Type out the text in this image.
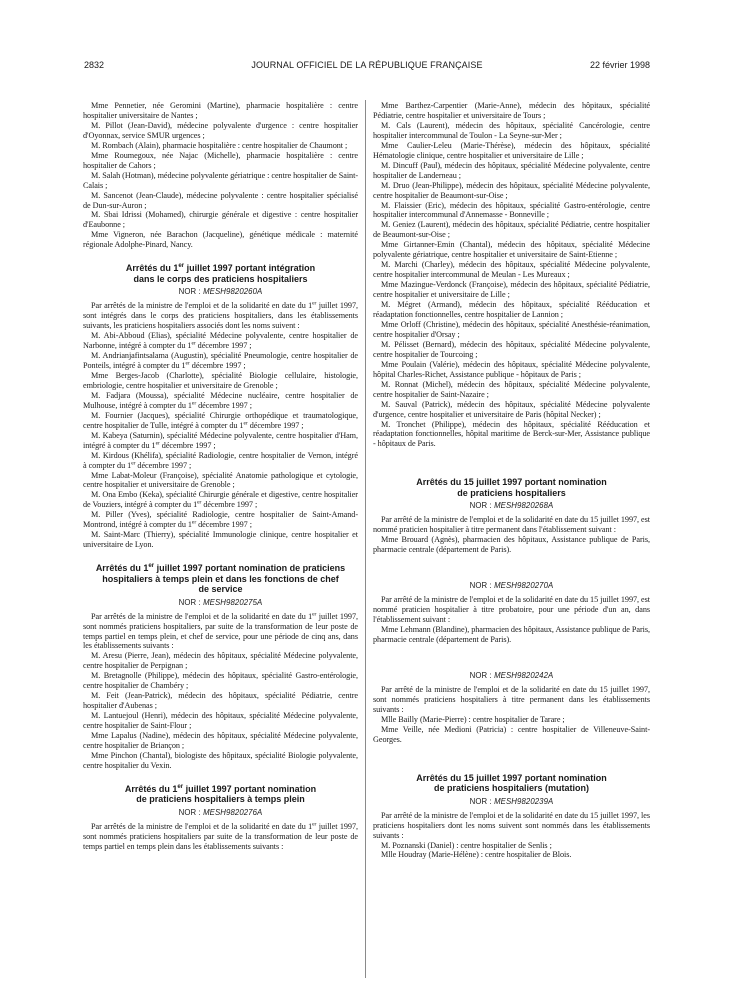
2832	JOURNAL OFFICIEL DE LA RÉPUBLIQUE FRANÇAISE	22 février 1998

Mme Pennetier, née Geromini (Martine), pharmacie hospitalière : centre hospitalier universitaire de Nantes ;

M. Pillot (Jean-David), médecine polyvalente d'urgence : centre hospitalier d'Oyonnax, service SMUR urgences ;

M. Rombach (Alain), pharmacie hospitalière : centre hospitalier de Chaumont ;

Mme Roumegoux, née Najac (Michelle), pharmacie hospitalière : centre hospitalier de Cahors ;

M. Salah (Hotman), médecine polyvalente gériatrique : centre hospitalier de Saint-Calais ;

M. Sancenot (Jean-Claude), médecine polyvalente : centre hospitalier spécialisé de Dun-sur-Auron ;

M. Sbai Idrissi (Mohamed), chirurgie générale et digestive : centre hospitalier d'Eaubonne ;

Mme Vigneron, née Barachon (Jacqueline), génétique médicale : maternité régionale Adolphe-Pinard, Nancy.

Arrêtés du 1er juillet 1997 portant intégration
dans le corps des praticiens hospitaliers
NOR : MESH9820260A

Par arrêtés de la ministre de l'emploi et de la solidarité en date du 1er juillet 1997, sont intégrés dans le corps des praticiens hospitaliers, dans les établissements suivants, les praticiens hospitaliers associés dont les noms suivent :

M. Abi-Abboud (Elias), spécialité Médecine polyvalente, centre hospitalier de Narbonne, intégré à compter du 1er décembre 1997 ;

M. Andrianjafintsalama (Augustin), spécialité Pneumologie, centre hospitalier de Ponteils, intégré à compter du 1er décembre 1997 ;

Mme Berges-Jacob (Charlotte), spécialité Biologie cellulaire, histologie, embriologie, centre hospitalier et universitaire de Grenoble ;

M. Fadjara (Moussa), spécialité Médecine nucléaire, centre hospitalier de Mulhouse, intégré à compter du 1er décembre 1997 ;

M. Fournier (Jacques), spécialité Chirurgie orthopédique et traumatologique, centre hospitalier de Tulle, intégré à compter du 1er décembre 1997 ;

M. Kabeya (Saturnin), spécialité Médecine polyvalente, centre hospitalier d'Ham, intégré à compter du 1er décembre 1997 ;

M. Kirdous (Khélifa), spécialité Radiologie, centre hospitalier de Vernon, intégré à compter du 1er décembre 1997 ;

Mme Labat-Moleur (Françoise), spécialité Anatomie pathologique et cytologie, centre hospitalier et universitaire de Grenoble ;

M. Ona Embo (Keka), spécialité Chirurgie générale et digestive, centre hospitalier de Vouziers, intégré à compter du 1er décembre 1997 ;

M. Piller (Yves), spécialité Radiologie, centre hospitalier de Saint-Amand-Montrond, intégré à compter du 1er décembre 1997 ;

M. Saint-Marc (Thierry), spécialité Immunologie clinique, centre hospitalier et universitaire de Lyon.

Arrêtés du 1er juillet 1997 portant nomination de praticiens
hospitaliers à temps plein et dans les fonctions de chef
de service
NOR : MESH9820275A

Par arrêtés de la ministre de l'emploi et de la solidarité en date du 1er juillet 1997, sont nommés praticiens hospitaliers, par suite de la transformation de leur poste de temps partiel en temps plein, et chef de service, pour une période de cinq ans, dans les établissements suivants :

M. Aresu (Pierre, Jean), médecin des hôpitaux, spécialité Médecine polyvalente, centre hospitalier de Perpignan ;

M. Bretagnolle (Philippe), médecin des hôpitaux, spécialité Gastro-entérologie, centre hospitalier de Chambéry ;

M. Feit (Jean-Patrick), médecin des hôpitaux, spécialité Pédiatrie, centre hospitalier d'Aubenas ;

M. Lantuejoul (Henri), médecin des hôpitaux, spécialité Médecine polyvalente, centre hospitalier de Saint-Flour ;

Mme Lapalus (Nadine), médecin des hôpitaux, spécialité Médecine polyvalente, centre hospitalier de Briançon ;

Mme Pinchon (Chantal), biologiste des hôpitaux, spécialité Biologie polyvalente, centre hospitalier du Vexin.

Arrêtés du 1er juillet 1997 portant nomination
de praticiens hospitaliers à temps plein
NOR : MESH9820276A

Par arrêtés de la ministre de l'emploi et de la solidarité en date du 1er juillet 1997, sont nommés praticiens hospitaliers par suite de la transformation de leur poste de temps partiel en temps plein dans les établissements suivants :

Mme Barthez-Carpentier (Marie-Anne), médecin des hôpitaux, spécialité Pédiatrie, centre hospitalier et universitaire de Tours ;

M. Cals (Laurent), médecin des hôpitaux, spécialité Cancérologie, centre hospitalier intercommunal de Toulon - La Seyne-sur-Mer ;

Mme Caulier-Leleu (Marie-Thérèse), médecin des hôpitaux, spécialité Hématologie clinique, centre hospitalier et universitaire de Lille ;

M. Dincuff (Paul), médecin des hôpitaux, spécialité Médecine polyvalente, centre hospitalier de Landerneau ;

M. Druo (Jean-Philippe), médecin des hôpitaux, spécialité Médecine polyvalente, centre hospitalier de Beaumont-sur-Oise ;

M. Flaissier (Eric), médecin des hôpitaux, spécialité Gastro-entérologie, centre hospitalier intercommunal d'Annemasse - Bonneville ;

M. Geniez (Laurent), médecin des hôpitaux, spécialité Pédiatrie, centre hospitalier de Beaumont-sur-Oise ;

Mme Girtanner-Emin (Chantal), médecin des hôpitaux, spécialité Médecine polyvalente gériatrique, centre hospitalier et universitaire de Saint-Etienne ;

M. Marchi (Charley), médecin des hôpitaux, spécialité Médecine polyvalente, centre hospitalier intercommunal de Meulan - Les Mureaux ;

Mme Mazingue-Verdonck (Françoise), médecin des hôpitaux, spécialité Pédiatrie, centre hospitalier et universitaire de Lille ;

M. Mégret (Armand), médecin des hôpitaux, spécialité Rééducation et réadaptation fonctionnelles, centre hospitalier de Lannion ;

Mme Orloff (Christine), médecin des hôpitaux, spécialité Anesthésie-réanimation, centre hospitalier d'Orsay ;

M. Pélisset (Bernard), médecin des hôpitaux, spécialité Médecine polyvalente, centre hospitalier de Tourcoing ;

Mme Poulain (Valérie), médecin des hôpitaux, spécialité Médecine polyvalente, hôpital Charles-Richet, Assistance publique - hôpitaux de Paris ;

M. Ronnat (Michel), médecin des hôpitaux, spécialité Médecine polyvalente, centre hospitalier de Saint-Nazaire ;

M. Sauval (Patrick), médecin des hôpitaux, spécialité Médecine polyvalente d'urgence, centre hospitalier et universitaire de Paris (hôpital Necker) ;

M. Tronchet (Philippe), médecin des hôpitaux, spécialité Rééducation et réadaptation fonctionnelles, hôpital maritime de Berck-sur-Mer, Assistance publique - hôpitaux de Paris.

Arrêtés du 15 juillet 1997 portant nomination
de praticiens hospitaliers
NOR : MESH9820268A

Par arrêté de la ministre de l'emploi et de la solidarité en date du 15 juillet 1997, est nommé praticien hospitalier à titre permanent dans l'établissement suivant :

Mme Brouard (Agnès), pharmacien des hôpitaux, Assistance publique de Paris, pharmacie centrale (département de Paris).

NOR : MESH9820270A

Par arrêté de la ministre de l'emploi et de la solidarité en date du 15 juillet 1997, est nommé praticien hospitalier à titre probatoire, pour une période d'un an, dans l'établissement suivant :

Mme Lehmann (Blandine), pharmacien des hôpitaux, Assistance publique de Paris, pharmacie centrale (département de Paris).

NOR : MESH9820242A

Par arrêté de la ministre de l'emploi et de la solidarité en date du 15 juillet 1997, sont nommés praticiens hospitaliers à titre permanent dans les établissements suivants :

Mlle Bailly (Marie-Pierre) : centre hospitalier de Tarare ;

Mme Veille, née Medioni (Patricia) : centre hospitalier de Villeneuve-Saint-Georges.

Arrêtés du 15 juillet 1997 portant nomination
de praticiens hospitaliers (mutation)
NOR : MESH9820239A

Par arrêté de la ministre de l'emploi et de la solidarité en date du 15 juillet 1997, les praticiens hospitaliers dont les noms suivent sont nommés dans les établissements suivants :

M. Poznanski (Daniel) : centre hospitalier de Senlis ;

Mlle Houdray (Marie-Hélène) : centre hospitalier de Blois.
